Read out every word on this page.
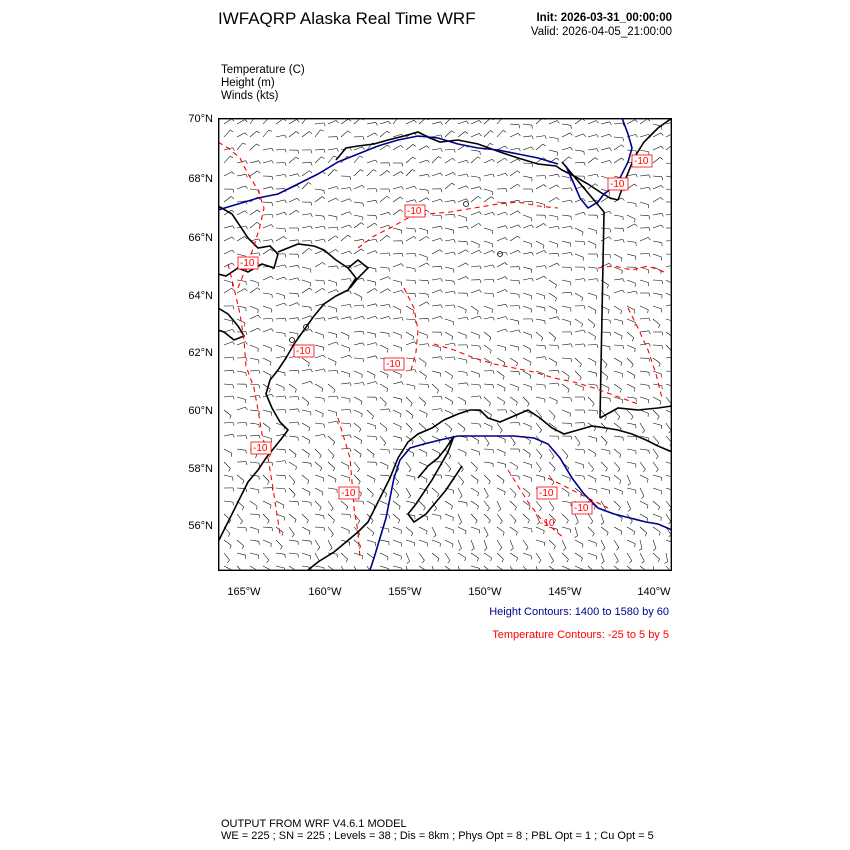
IWFAQRP Alaska Real Time WRF	Init: 2026-03-31_00:00:00
Valid: 2026-04-05_21:00:00
Temperature (C)
Height (m)
Winds (kts)
70°N
68°N
66°N
64°N
62°N
60°N
58°N
56°N
165°W	160°W	155°W	150°W	145°W	140°W
-10
-10
-10
-10
-10
-10	-10
-10
-10
-10
-10
Height Contours: 1400 to 1580 by 60
Temperature Contours: -25 to 5 by 5
OUTPUT FROM WRF V4.6.1 MODEL
WE = 225 ; SN = 225 ; Levels = 38 ; Dis = 8km ; Phys Opt = 8 ; PBL Opt = 1 ; Cu Opt = 5
